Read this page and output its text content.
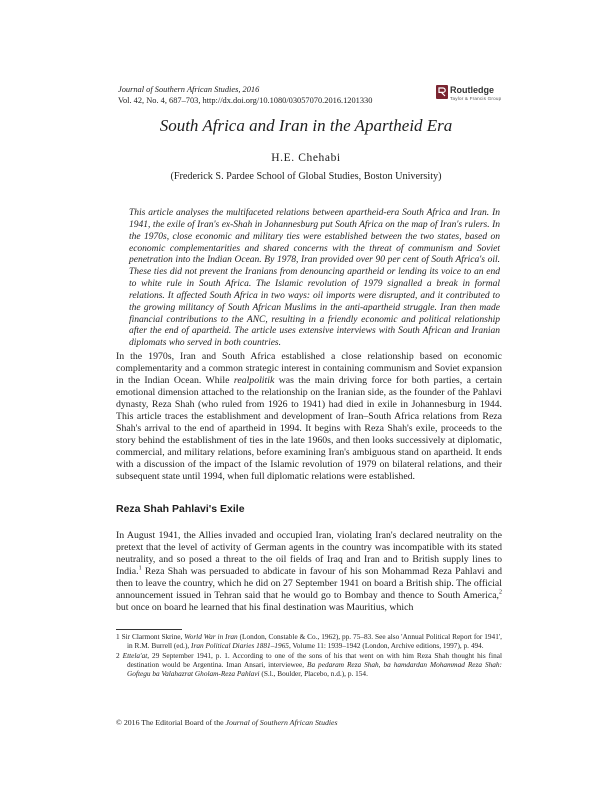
Journal of Southern African Studies, 2016
Vol. 42, No. 4, 687–703, http://dx.doi.org/10.1080/03057070.2016.1201330
Routledge
Taylor & Francis Group
South Africa and Iran in the Apartheid Era
H.E. Chehabi
(Frederick S. Pardee School of Global Studies, Boston University)
This article analyses the multifaceted relations between apartheid-era South Africa and Iran. In 1941, the exile of Iran's ex-Shah in Johannesburg put South Africa on the map of Iran's rulers. In the 1970s, close economic and military ties were established between the two states, based on economic complementarities and shared concerns with the threat of communism and Soviet penetration into the Indian Ocean. By 1978, Iran provided over 90 per cent of South Africa's oil. These ties did not prevent the Iranians from denouncing apartheid or lending its voice to an end to white rule in South Africa. The Islamic revolution of 1979 signalled a break in formal relations. It affected South Africa in two ways: oil imports were disrupted, and it contributed to the growing militancy of South African Muslims in the anti-apartheid struggle. Iran then made financial contributions to the ANC, resulting in a friendly economic and political relationship after the end of apartheid. The article uses extensive interviews with South African and Iranian diplomats who served in both countries.
In the 1970s, Iran and South Africa established a close relationship based on economic complementarity and a common strategic interest in containing communism and Soviet expansion in the Indian Ocean. While realpolitik was the main driving force for both parties, a certain emotional dimension attached to the relationship on the Iranian side, as the founder of the Pahlavi dynasty, Reza Shah (who ruled from 1926 to 1941) had died in exile in Johannesburg in 1944. This article traces the establishment and development of Iran–South Africa relations from Reza Shah's arrival to the end of apartheid in 1994. It begins with Reza Shah's exile, proceeds to the story behind the establishment of ties in the late 1960s, and then looks successively at diplomatic, commercial, and military relations, before examining Iran's ambiguous stand on apartheid. It ends with a discussion of the impact of the Islamic revolution of 1979 on bilateral relations, and their subsequent state until 1994, when full diplomatic relations were established.
Reza Shah Pahlavi's Exile
In August 1941, the Allies invaded and occupied Iran, violating Iran's declared neutrality on the pretext that the level of activity of German agents in the country was incompatible with its stated neutrality, and so posed a threat to the oil fields of Iraq and Iran and to British supply lines to India.$^1$ Reza Shah was persuaded to abdicate in favour of his son Mohammad Reza Pahlavi and then to leave the country, which he did on 27 September 1941 on board a British ship. The official announcement issued in Tehran said that he would go to Bombay and thence to South America,$^2$ but once on board he learned that his final destination was Mauritius, which

1 Sir Clarmont Skrine, World War in Iran (London, Constable & Co., 1962), pp. 75–83. See also 'Annual Political Report for 1941', in R.M. Burrell (ed.), Iran Political Diaries 1881–1965, Volume 11: 1939–1942 (London, Archive editions, 1997), p. 494.

2 Ettela'at, 29 September 1941, p. 1. According to one of the sons of his that went on with him Reza Shah thought his final destination would be Argentina. Iman Ansari, interviewee, Ba pedaram Reza Shah, ba hamdardan Mohammad Reza Shah: Goftegu ba Valahazrat Gholam-Reza Pahlavi (S.l., Boulder, Placebo, n.d.), p. 154.

© 2016 The Editorial Board of the Journal of Southern African Studies
